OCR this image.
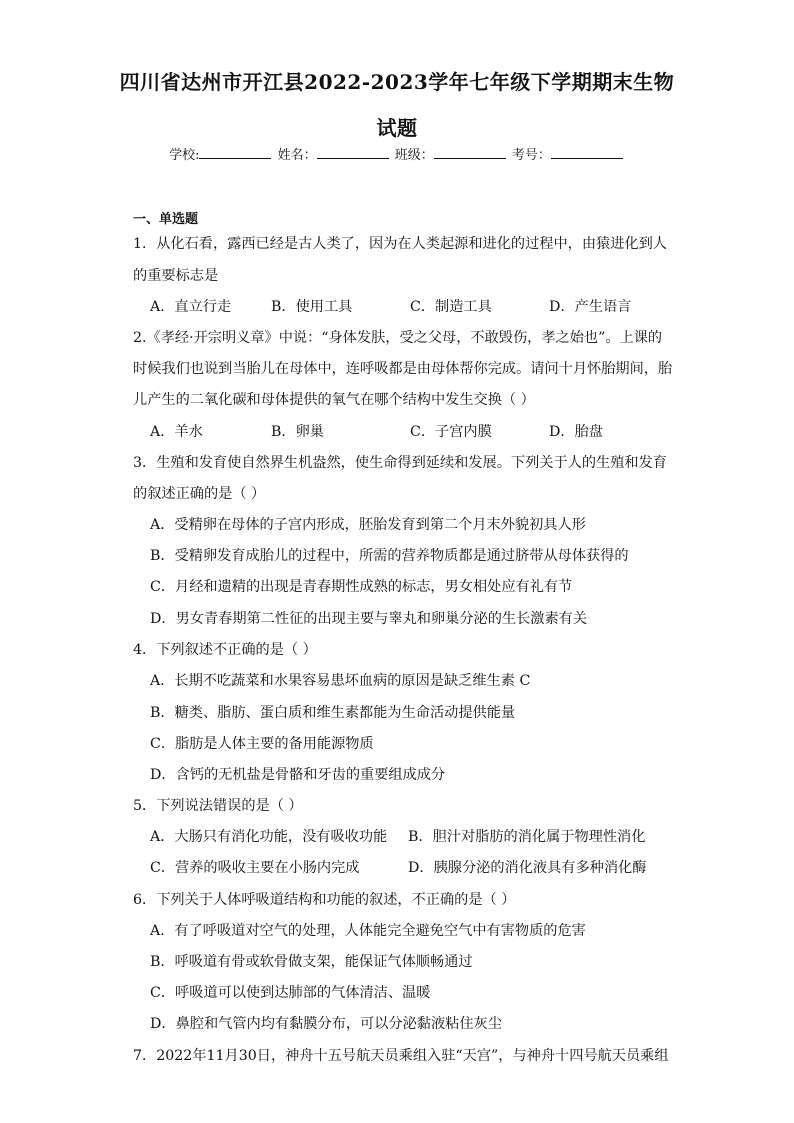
四川省达州市开江县2022-2023学年七年级下学期期末生物
试题
学校:	姓名：	班级：	考号：
一、单选题
1．从化石看，露西已经是古人类了，因为在人类起源和进化的过程中，由猿进化到人
的重要标志是
A．直立行走	B．使用工具	C．制造工具	D．产生语言
2.《孝经·开宗明义章》中说：“身体发肤，受之父母，不敢毁伤，孝之始也”。上课的
时候我们也说到当胎儿在母体中，连呼吸都是由母体帮你完成。请问十月怀胎期间，胎
儿产生的二氧化碳和母体提供的氧气在哪个结构中发生交换（ ）
A．羊水	B．卵巢	C．子宫内膜	D．胎盘
3．生殖和发育使自然界生机盎然，使生命得到延续和发展。下列关于人的生殖和发育
的叙述正确的是（ ）
A．受精卵在母体的子宫内形成，胚胎发育到第二个月末外貌初具人形
B．受精卵发育成胎儿的过程中，所需的营养物质都是通过脐带从母体获得的
C．月经和遗精的出现是青春期性成熟的标志，男女相处应有礼有节
D．男女青春期第二性征的出现主要与睾丸和卵巢分泌的生长激素有关
4．下列叙述不正确的是（ ）
A．长期不吃蔬菜和水果容易患坏血病的原因是缺乏维生素 C
B．糖类、脂肪、蛋白质和维生素都能为生命活动提供能量
C．脂肪是人体主要的备用能源物质
D．含钙的无机盐是骨骼和牙齿的重要组成成分
5．下列说法错误的是（ ）
A．大肠只有消化功能，没有吸收功能 B．胆汁对脂肪的消化属于物理性消化
C．营养的吸收主要在小肠内完成	D．胰腺分泌的消化液具有多种消化酶
6．下列关于人体呼吸道结构和功能的叙述，不正确的是（ ）
A．有了呼吸道对空气的处理，人体能完全避免空气中有害物质的危害
B．呼吸道有骨或软骨做支架，能保证气体顺畅通过
C．呼吸道可以使到达肺部的气体清洁、温暖
D．鼻腔和气管内均有黏膜分布，可以分泌黏液粘住灰尘
7．2022年11月30日，神舟十五号航天员乘组入驻“天宫”，与神舟十四号航天员乘组
